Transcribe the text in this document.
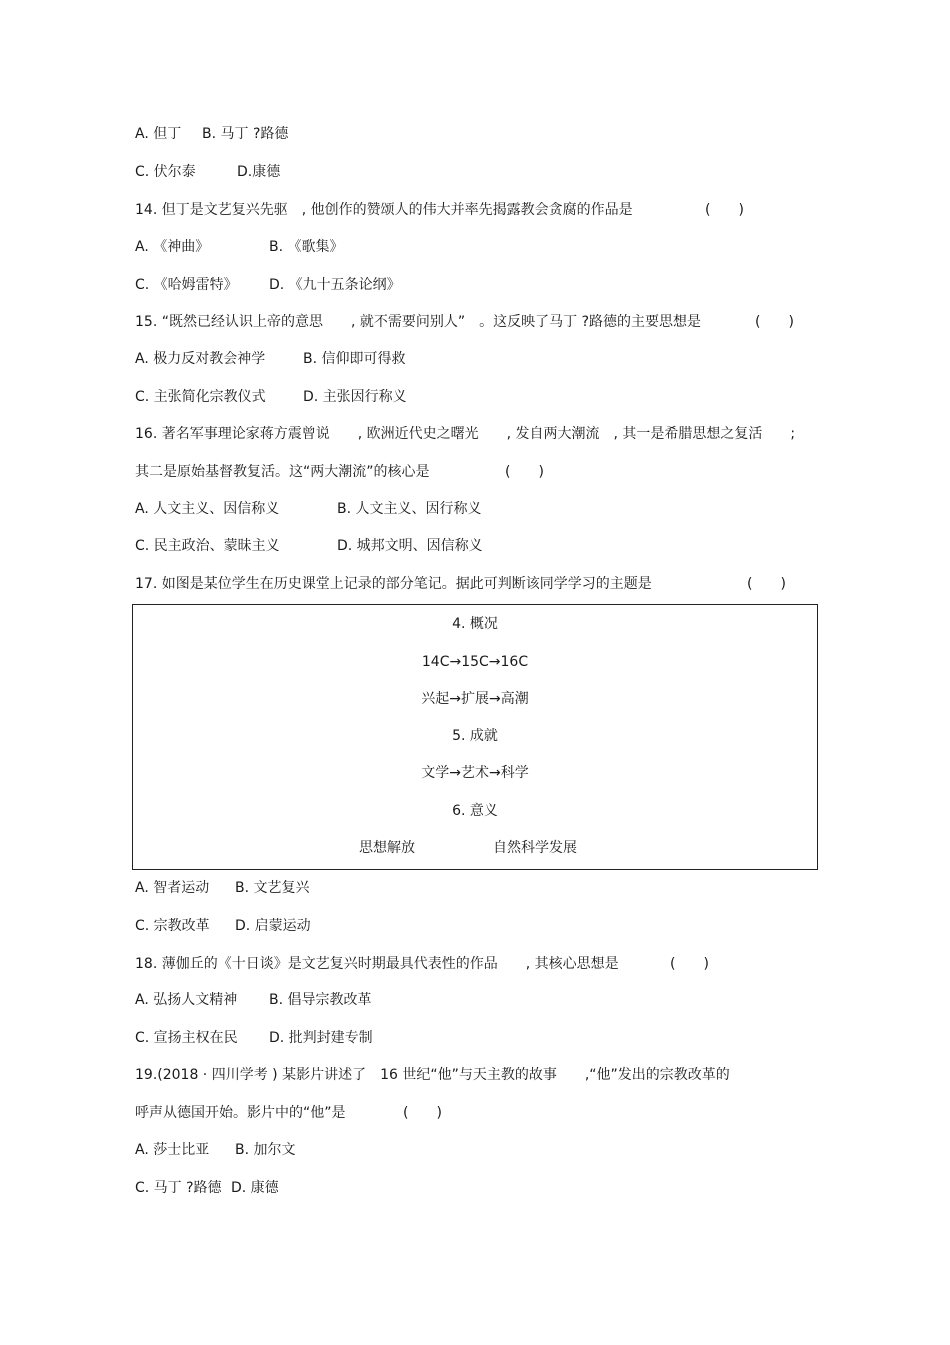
A. 但丁

B. 马丁 ?路德

C. 伏尔泰

	D.康德

14. 但丁是文艺复兴先驱　, 他创作的赞颂人的伟大并率先揭露教会贪腐的作品是

	(　　)

A. 《神曲》

	B. 《歌集》

C. 《哈姆雷特》

D. 《九十五条论纲》

15. “既然已经认识上帝的意思　　, 就不需要问别人”　。这反映了马丁 ?路德的主要思想是

	(　　)

A. 极力反对教会神学

	B. 信仰即可得救

C. 主张简化宗教仪式

	D. 主张因行称义

16. 著名军事理论家蒋方震曾说　　, 欧洲近代史之曙光　　, 发自两大潮流　, 其一是希腊思想之复活　　;

其二是原始基督教复活。这“两大潮流”的核心是

	(　　)

A. 人文主义、因信称义

	B. 人文主义、因行称义

C. 民主政治、蒙昧主义

	D. 城邦文明、因信称义

17. 如图是某位学生在历史课堂上记录的部分笔记。据此可判断该同学学习的主题是

	(　　)

4. 概况
14C→15C→16C
兴起→扩展→高潮
5. 成就
文学→艺术→科学
6. 意义

思想解放

	自然科学发展

A. 智者运动

B. 文艺复兴

C. 宗教改革

D. 启蒙运动

18. 薄伽丘的《十日谈》是文艺复兴时期最具代表性的作品　　, 其核心思想是

	(　　)

A. 弘扬人文精神

B. 倡导宗教改革

C. 宣扬主权在民

D. 批判封建专制

19.(2018 · 四川学考 ) 某影片讲述了　16 世纪“他”与天主教的故事　　,“他”发出的宗教改革的

呼声从德国开始。影片中的“他”是

	(　　)

A. 莎士比亚

B. 加尔文

C. 马丁 ?路德

D. 康德
